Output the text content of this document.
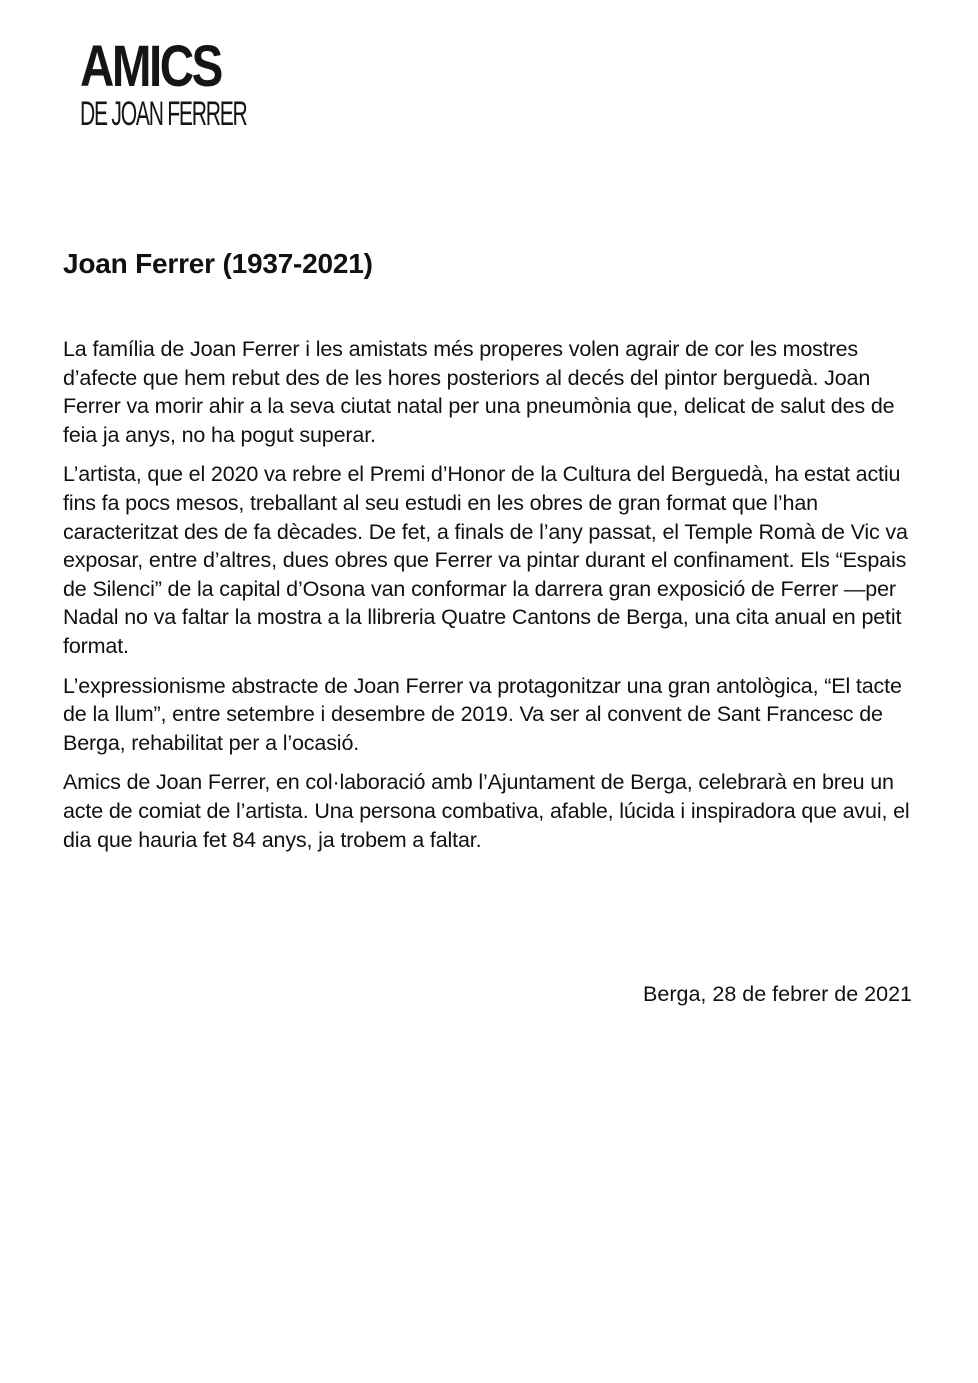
AMICS
DE JOAN FERRER
Joan Ferrer (1937-2021)

La família de Joan Ferrer i les amistats més properes volen agrair de cor les mostres d’afecte que hem rebut des de les hores posteriors al decés del pintor berguedà. Joan Ferrer va morir ahir a la seva ciutat natal per una pneumònia que, delicat de salut des de feia ja anys, no ha pogut superar.

L’artista, que el 2020 va rebre el Premi d’Honor de la Cultura del Berguedà, ha estat actiu fins fa pocs mesos, treballant al seu estudi en les obres de gran format que l’han caracteritzat des de fa dècades. De fet, a finals de l’any passat, el Temple Romà de Vic va exposar, entre d’altres, dues obres que Ferrer va pintar durant el confinament. Els “Espais de Silenci” de la capital d’Osona van conformar la darrera gran exposició de Ferrer —per Nadal no va faltar la mostra a la llibreria Quatre Cantons de Berga, una cita anual en petit format.

L’expressionisme abstracte de Joan Ferrer va protagonitzar una gran antològica, “El tacte de la llum”, entre setembre i desembre de 2019. Va ser al convent de Sant Francesc de Berga, rehabilitat per a l’ocasió.

Amics de Joan Ferrer, en col·laboració amb l’Ajuntament de Berga, celebrarà en breu un acte de comiat de l’artista. Una persona combativa, afable, lúcida i inspiradora que avui, el dia que hauria fet 84 anys, ja trobem a faltar.

Berga, 28 de febrer de 2021
